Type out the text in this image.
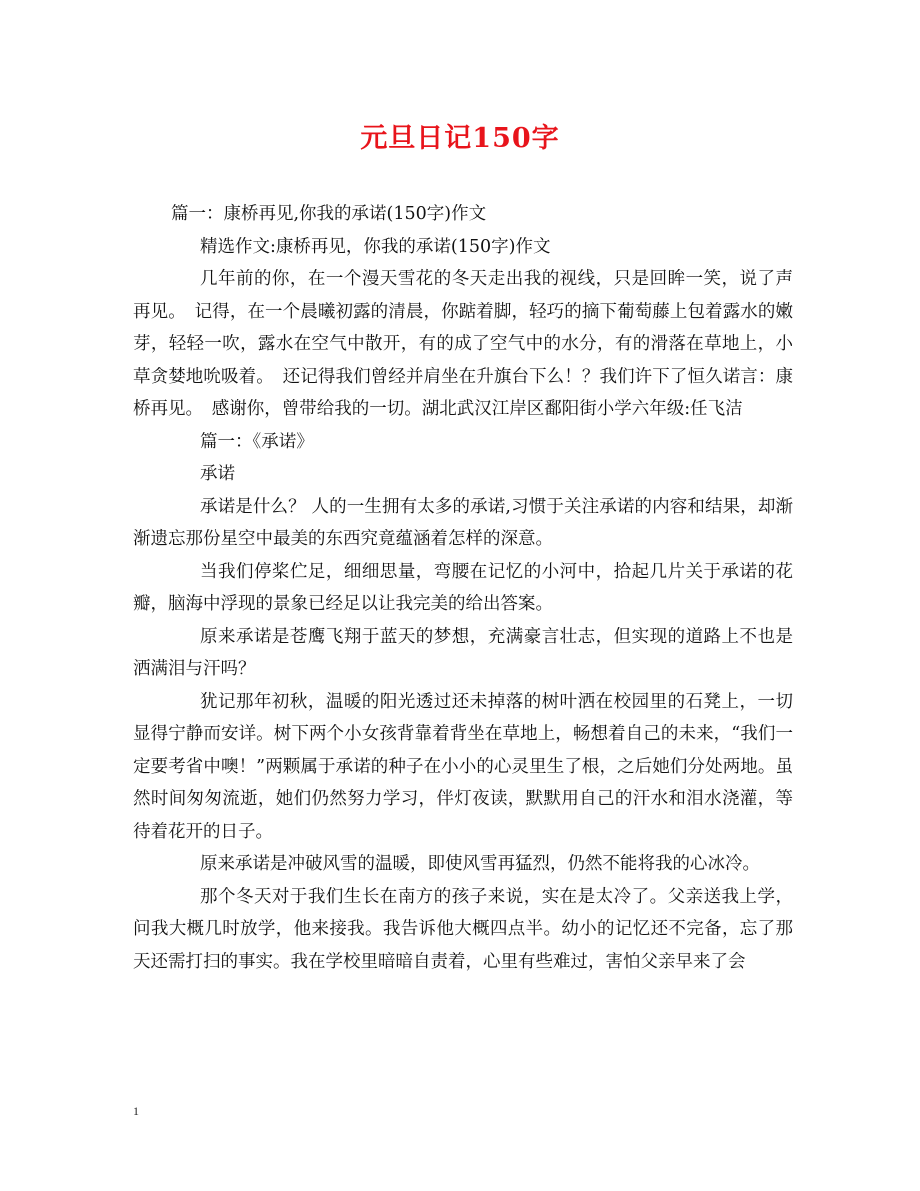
元旦日记150字

篇一：康桥再见,你我的承诺(150字)作文

精选作文:康桥再见，你我的承诺(150字)作文

几年前的你，在一个漫天雪花的冬天走出我的视线，只是回眸一笑，说了声再见。　记得，在一个晨曦初露的清晨，你踮着脚，轻巧的摘下葡萄藤上包着露水的嫩芽，轻轻一吹，露水在空气中散开，有的成了空气中的水分，有的滑落在草地上，小草贪婪地吮吸着。　还记得我们曾经并肩坐在升旗台下么！？我们许下了恒久诺言：康桥再见。　感谢你，曾带给我的一切。湖北武汉江岸区鄱阳街小学六年级:任飞洁

篇一：《承诺》

承诺

承诺是什么？ 人的一生拥有太多的承诺,习惯于关注承诺的内容和结果，却渐渐遗忘那份星空中最美的东西究竟蕴涵着怎样的深意。

当我们停桨伫足，细细思量，弯腰在记忆的小河中，拾起几片关于承诺的花瓣，脑海中浮现的景象已经足以让我完美的给出答案。

原来承诺是苍鹰飞翔于蓝天的梦想，充满豪言壮志，但实现的道路上不也是洒满泪与汗吗？

犹记那年初秋，温暖的阳光透过还未掉落的树叶洒在校园里的石凳上，一切显得宁静而安详。树下两个小女孩背靠着背坐在草地上，畅想着自己的未来，“我们一定要考省中噢！”两颗属于承诺的种子在小小的心灵里生了根，之后她们分处两地。虽然时间匆匆流逝，她们仍然努力学习，伴灯夜读，默默用自己的汗水和泪水浇灌，等待着花开的日子。

原来承诺是冲破风雪的温暖，即使风雪再猛烈，仍然不能将我的心冰冷。

那个冬天对于我们生长在南方的孩子来说，实在是太冷了。父亲送我上学，问我大概几时放学，他来接我。我告诉他大概四点半。幼小的记忆还不完备，忘了那天还需打扫的事实。我在学校里暗暗自责着，心里有些难过，害怕父亲早来了会

1
